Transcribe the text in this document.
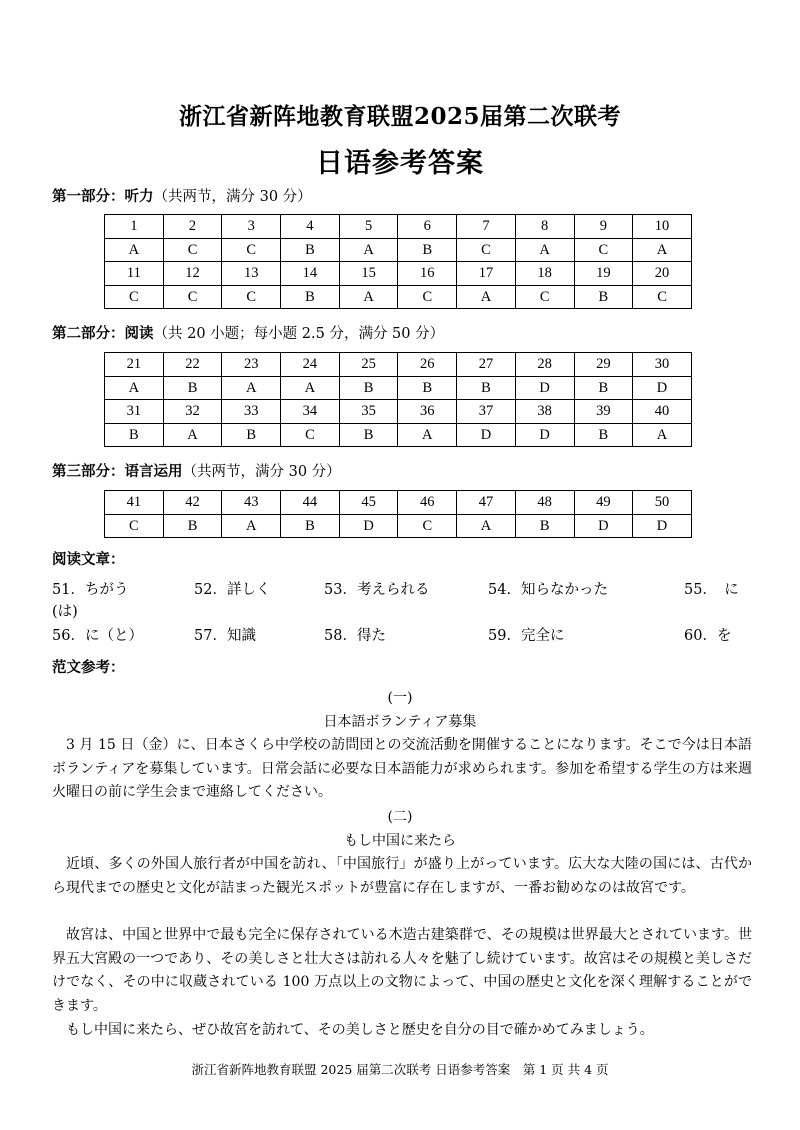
浙江省新阵地教育联盟2025届第二次联考
日语参考答案
第一部分：听力（共两节，满分 30 分）
1	2	3	4	5	6	7	8	9	10
A	C	C	B	A	B	C	A	C	A
11	12	13	14	15	16	17	18	19	20
C	C	C	B	A	C	A	C	B	C
第二部分：阅读（共 20 小题；每小题 2.5 分，满分 50 分）
21	22	23	24	25	26	27	28	29	30
A	B	A	A	B	B	B	D	B	D
31	32	33	34	35	36	37	38	39	40
B	A	B	C	B	A	D	D	B	A
第三部分：语言运用（共两节，满分 30 分）
41	42	43	44	45	46	47	48	49	50
C	B	A	B	D	C	A	B	D	D
阅读文章：
51．ちがう	52．詳しく	53．考えられる	54．知らなかった	55．　に
(は)
56．に（と）	57．知識	58．得た	59．完全に	60．を
范文参考：
(一)
日本語ボランティア募集
3 月 15 日（金）に、日本さくら中学校の訪問団との交流活動を開催することになります。そこで今は日本語ボランティアを募集しています。日常会話に必要な日本語能力が求められます。参加を希望する学生の方は来週火曜日の前に学生会まで連絡してください。
(二)
もし中国に来たら
近頃、多くの外国人旅行者が中国を訪れ、「中国旅行」が盛り上がっています。広大な大陸の国には、古代から現代までの歴史と文化が詰まった観光スポットが豊富に存在しますが、一番お勧めなのは故宮です。
故宮は、中国と世界中で最も完全に保存されている木造古建築群で、その規模は世界最大とされています。世界五大宮殿の一つであり、その美しさと壮大さは訪れる人々を魅了し続けています。故宮はその規模と美しさだけでなく、その中に収蔵されている 100 万点以上の文物によって、中国の歴史と文化を深く理解することができます。
もし中国に来たら、ぜひ故宮を訪れて、その美しさと歴史を自分の目で確かめてみましょう。
浙江省新阵地教育联盟 2025 届第二次联考 日语参考答案　第 1 页 共 4 页
